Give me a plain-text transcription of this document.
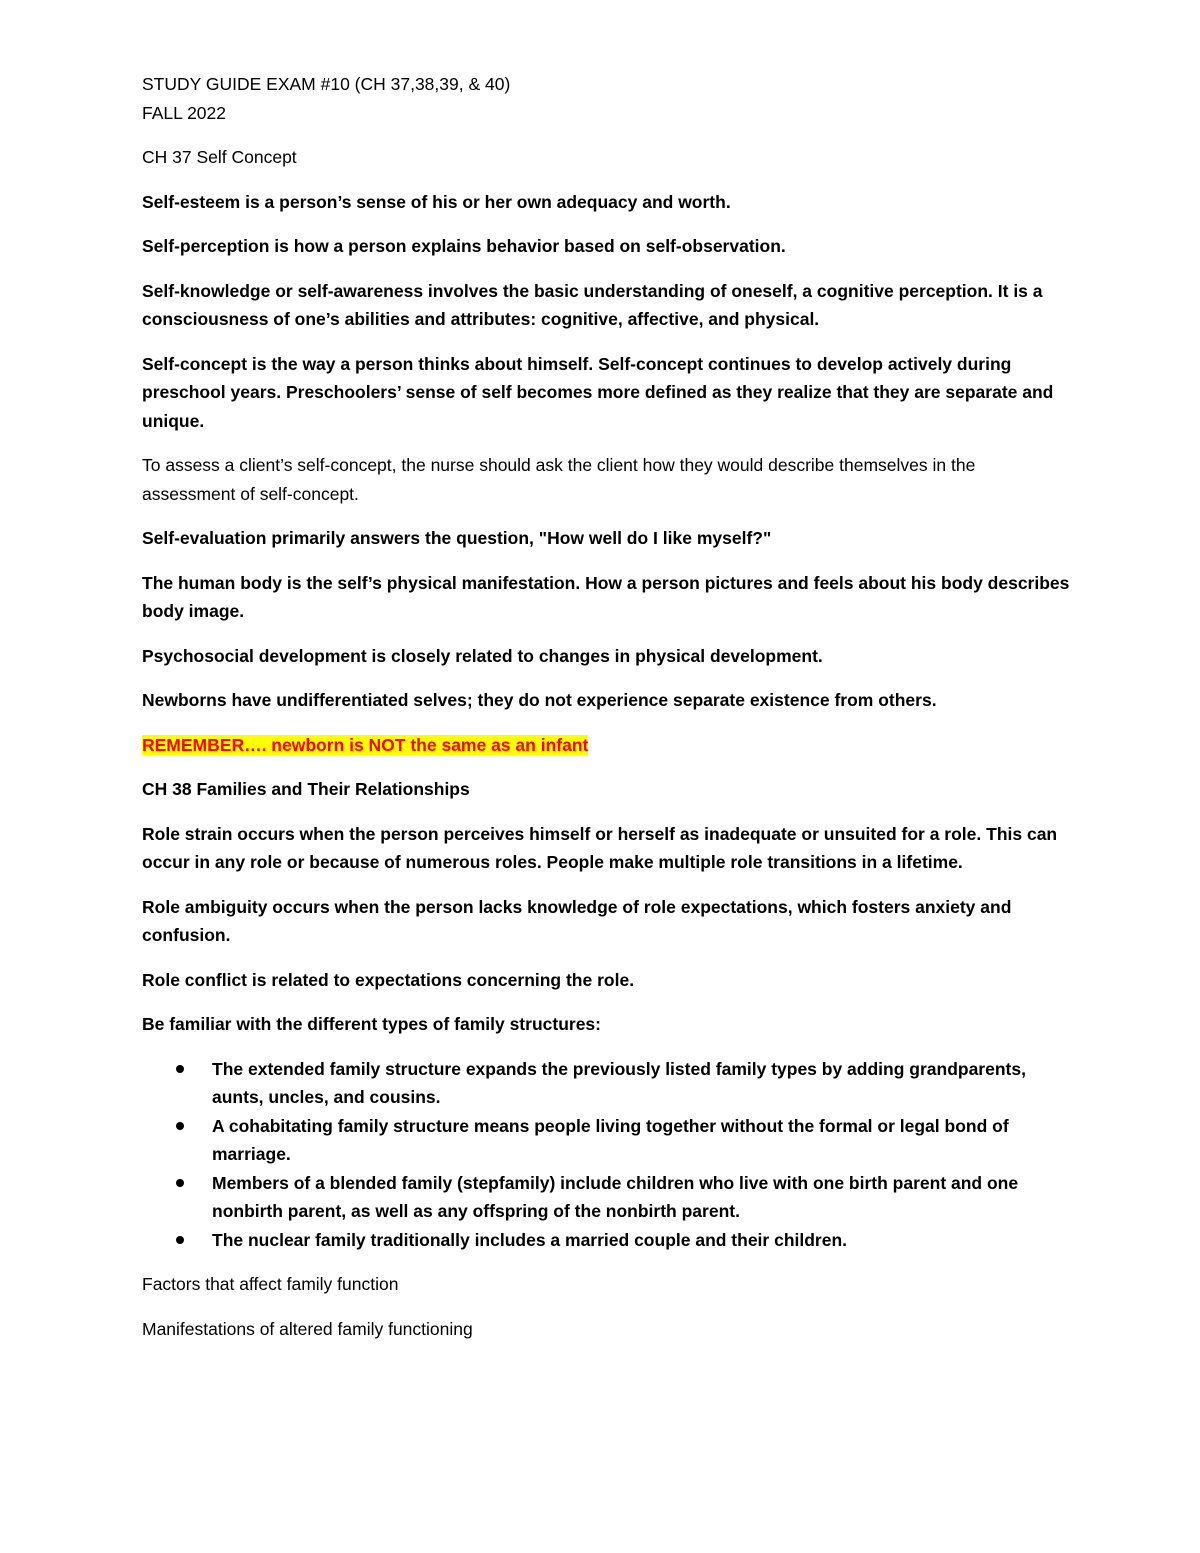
STUDY GUIDE EXAM #10 (CH 37,38,39, & 40)

FALL 2022

CH 37 Self Concept

Self-esteem is a person’s sense of his or her own adequacy and worth.

Self-perception is how a person explains behavior based on self-observation.

Self-knowledge or self-awareness involves the basic understanding of oneself, a cognitive perception. It is a consciousness of one’s abilities and attributes: cognitive, affective, and physical.

Self-concept is the way a person thinks about himself. Self-concept continues to develop actively during preschool years. Preschoolers’ sense of self becomes more defined as they realize that they are separate and unique.

To assess a client’s self-concept, the nurse should ask the client how they would describe themselves in the assessment of self-concept.

Self-evaluation primarily answers the question, "How well do I like myself?"

The human body is the self’s physical manifestation. How a person pictures and feels about his body describes body image.

Psychosocial development is closely related to changes in physical development.

Newborns have undifferentiated selves; they do not experience separate existence from others.

REMEMBER…. newborn is NOT the same as an infant

CH 38 Families and Their Relationships

Role strain occurs when the person perceives himself or herself as inadequate or unsuited for a role. This can occur in any role or because of numerous roles. People make multiple role transitions in a lifetime.

Role ambiguity occurs when the person lacks knowledge of role expectations, which fosters anxiety and confusion.

Role conflict is related to expectations concerning the role.

Be familiar with the different types of family structures:

The extended family structure expands the previously listed family types by adding grandparents, aunts, uncles, and cousins.
A cohabitating family structure means people living together without the formal or legal bond of marriage.
Members of a blended family (stepfamily) include children who live with one birth parent and one nonbirth parent, as well as any offspring of the nonbirth parent.
The nuclear family traditionally includes a married couple and their children.

Factors that affect family function

Manifestations of altered family functioning
